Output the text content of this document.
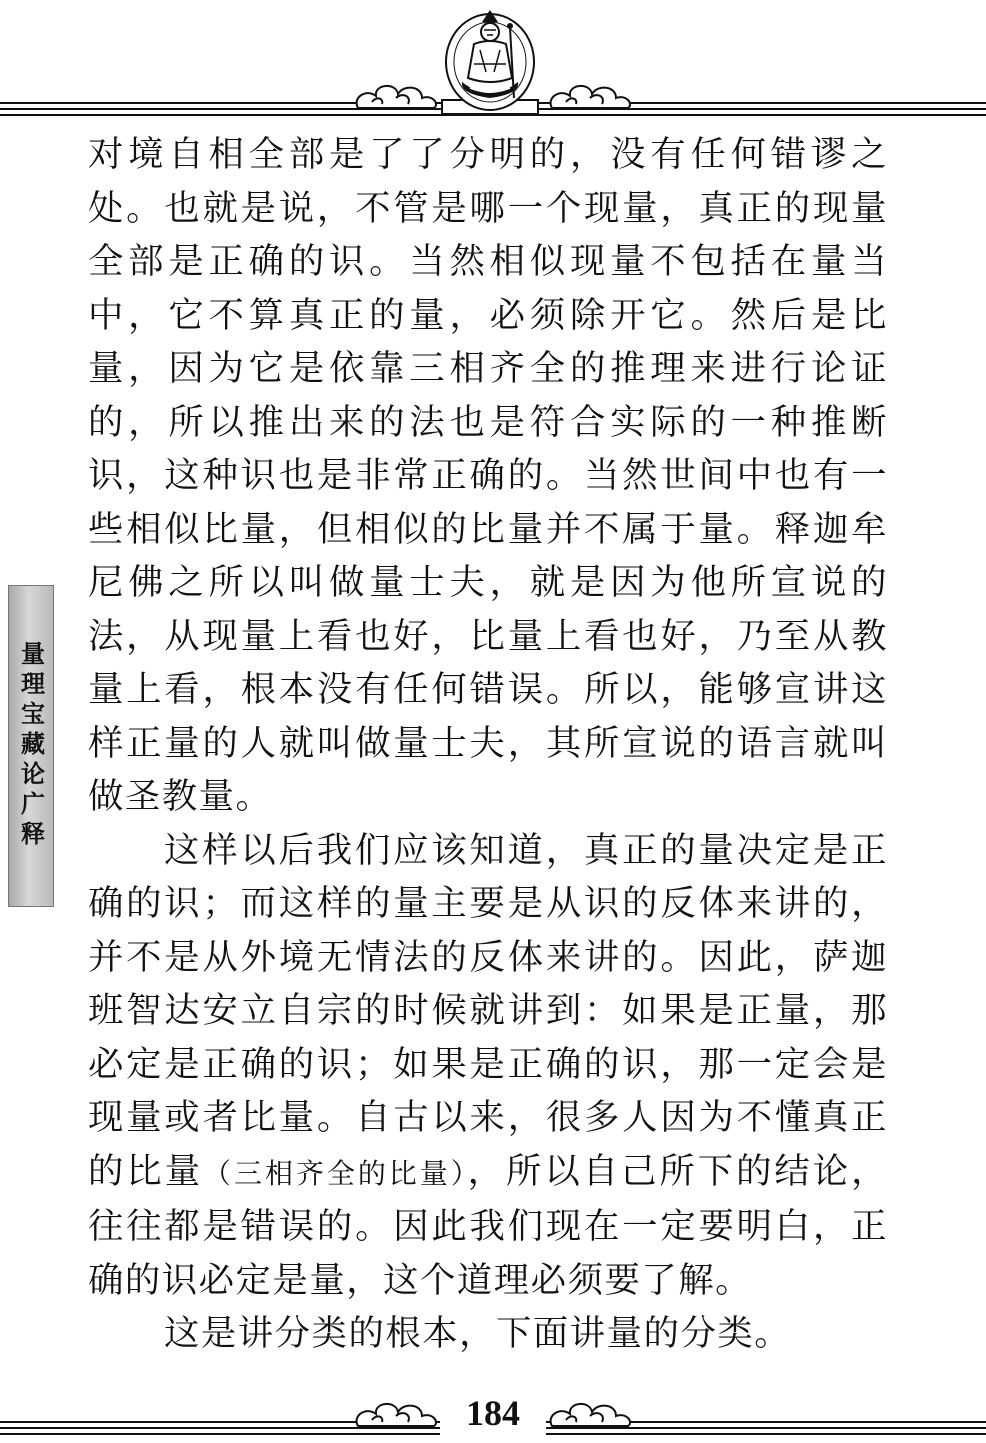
量理宝藏论广释

对境自相全部是了了分明的，没有任何错谬之处。也就是说，不管是哪一个现量，真正的现量全部是正确的识。当然相似现量不包括在量当中，它不算真正的量，必须除开它。然后是比量，因为它是依靠三相齐全的推理来进行论证的，所以推出来的法也是符合实际的一种推断识，这种识也是非常正确的。当然世间中也有一些相似比量，但相似的比量并不属于量。释迦牟尼佛之所以叫做量士夫，就是因为他所宣说的法，从现量上看也好，比量上看也好，乃至从教量上看，根本没有任何错误。所以，能够宣讲这样正量的人就叫做量士夫，其所宣说的语言就叫做圣教量。

这样以后我们应该知道，真正的量决定是正确的识；而这样的量主要是从识的反体来讲的，并不是从外境无情法的反体来讲的。因此，萨迦班智达安立自宗的时候就讲到：如果是正量，那必定是正确的识；如果是正确的识，那一定会是现量或者比量。自古以来，很多人因为不懂真正的比量（三相齐全的比量），所以自己所下的结论，往往都是错误的。因此我们现在一定要明白，正确的识必定是量，这个道理必须要了解。

这是讲分类的根本，下面讲量的分类。

184
